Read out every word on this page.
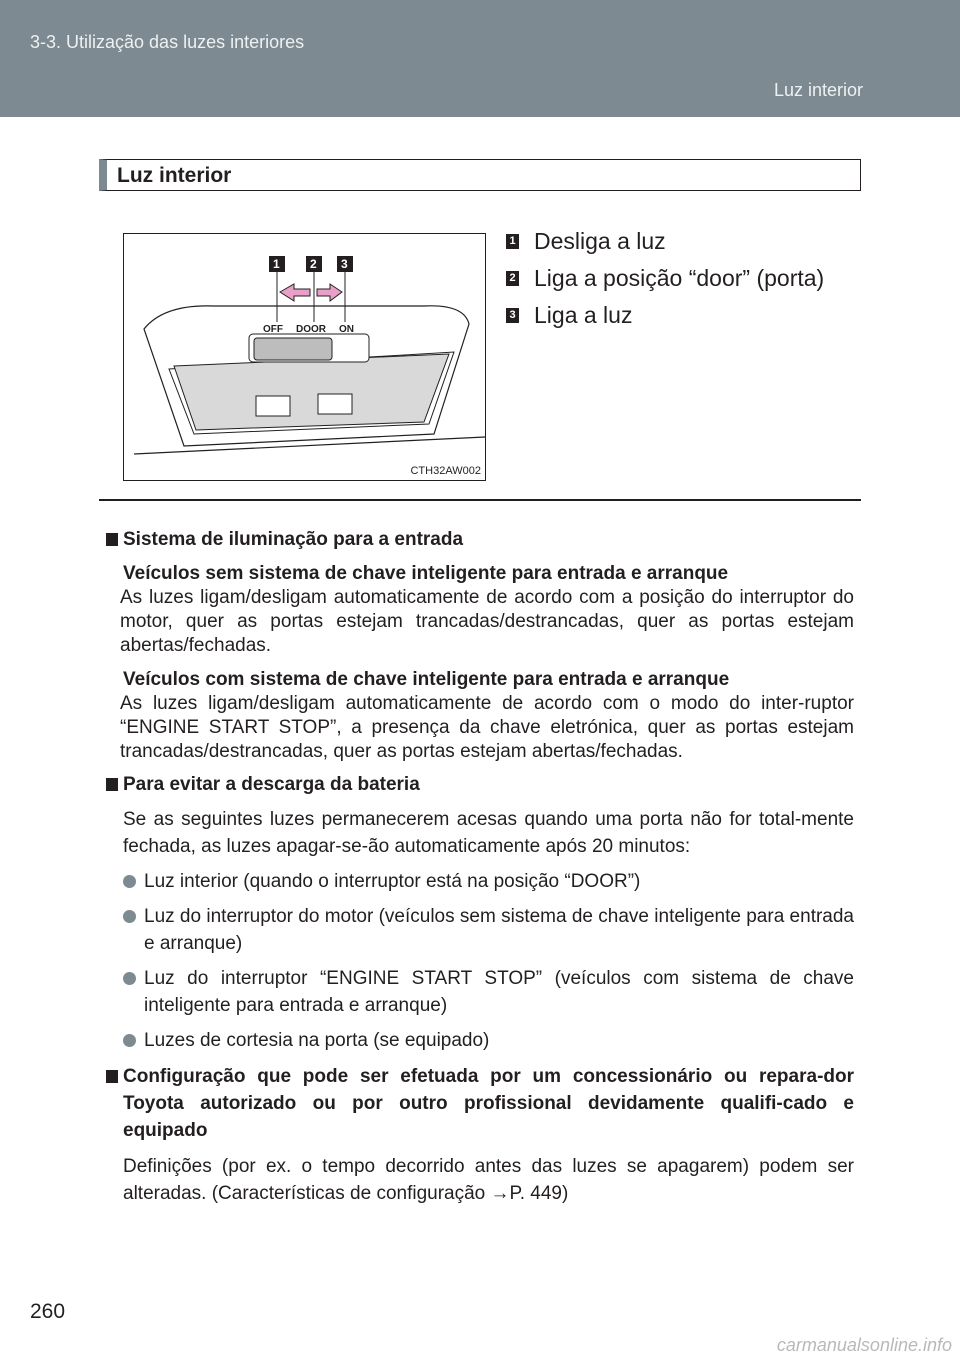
3-3. Utilização das luzes interiores
Luz interior
Luz interior
OFF DOOR ON
1	2 3
CTH32AW002
1 Desliga a luz
2 Liga a posição “door” (porta)
3 Liga a luz
Sistema de iluminação para a entrada
Veículos sem sistema de chave inteligente para entrada e arranque
As luzes ligam/desligam automaticamente de acordo com a posição do interruptor do motor, quer as portas estejam trancadas/destrancadas, quer as portas estejam abertas/fechadas.
Veículos com sistema de chave inteligente para entrada e arranque
As luzes ligam/desligam automaticamente de acordo com o modo do inter-ruptor “ENGINE START STOP”, a presença da chave eletrónica, quer as portas estejam trancadas/destrancadas, quer as portas estejam abertas/fechadas.
Para evitar a descarga da bateria
Se as seguintes luzes permanecerem acesas quando uma porta não for total-mente fechada, as luzes apagar-se-ão automaticamente após 20 minutos:
Luz interior (quando o interruptor está na posição “DOOR”)
Luz do interruptor do motor (veículos sem sistema de chave inteligente para entrada e arranque)
Luz do interruptor “ENGINE START STOP” (veículos com sistema de chave inteligente para entrada e arranque)
Luzes de cortesia na porta (se equipado)
Configuração que pode ser efetuada por um concessionário ou repara-dor Toyota autorizado ou por outro profissional devidamente qualifi-cado e equipado
Definições (por ex. o tempo decorrido antes das luzes se apagarem) podem ser alteradas. (Características de configuração →P. 449)
260
carmanualsonline.info
